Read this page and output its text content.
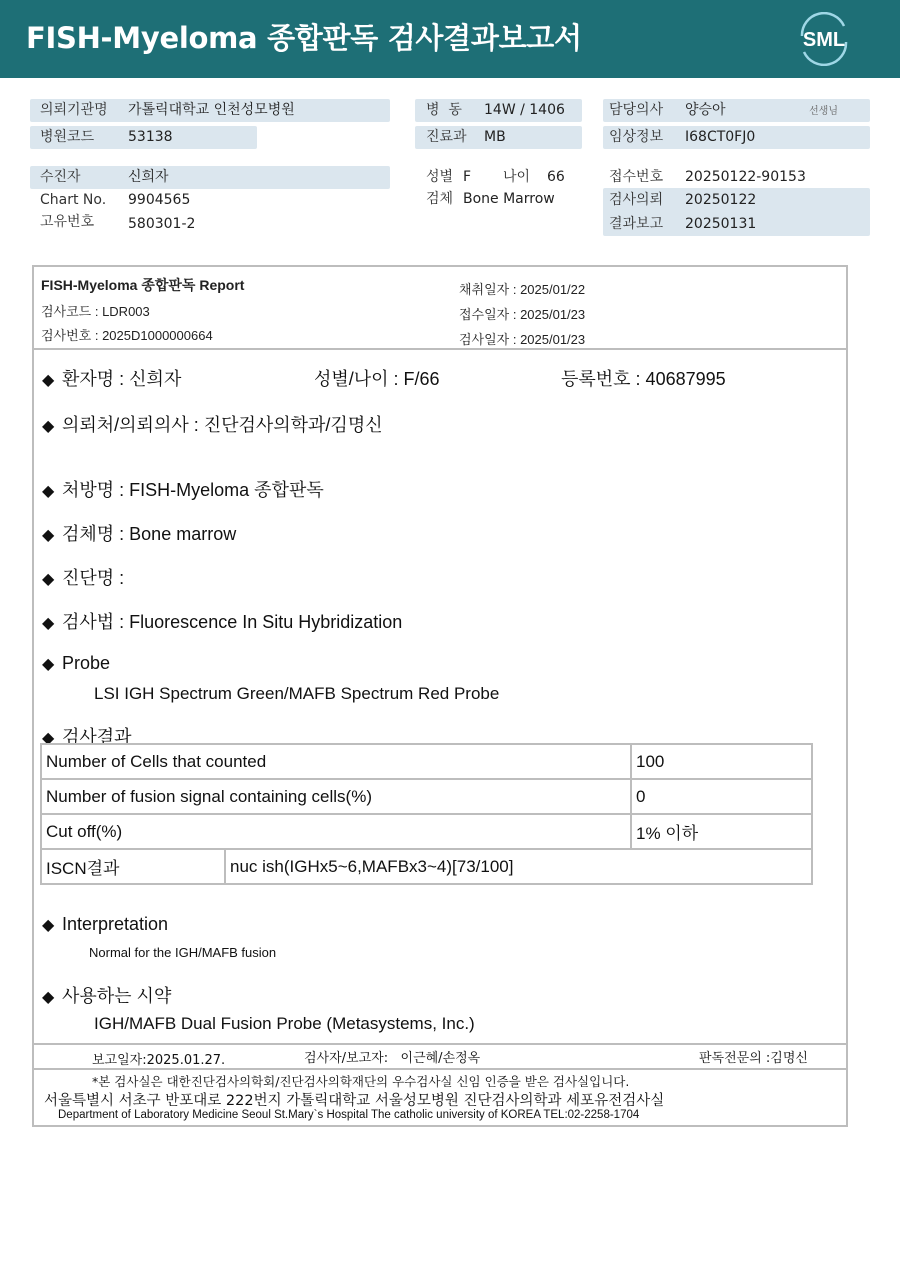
FISH-Myeloma 종합판독 검사결과보고서	SML
의뢰기관명 가톨릭대학교 인천성모병원	병  동 14W / 1406	담당의사 양승아	선생님
병원코드 53138	진료과 MB	임상정보 I68CT0FJ0
수진자	신희자	성별 F 나이 66	접수번호 20250122-90153
Chart No. 9904565	검체 Bone Marrow	검사의뢰 20250122
고유번호 580301-2	결과보고 20250131
FISH-Myeloma 종합판독 Report
검사코드 : LDR003
검사번호 : 2025D1000000664
채취일자 : 2025/01/22
접수일자 : 2025/01/23
검사일자 : 2025/01/23
◆ 환자명 : 신희자	성별/나이 : F/66	등록번호 : 40687995
◆ 의뢰처/의뢰의사 : 진단검사의학과/김명신
◆ 처방명 : FISH-Myeloma 종합판독
◆ 검체명 : Bone marrow
◆ 진단명 :
◆ 검사법 : Fluorescence In Situ Hybridization
◆ Probe
LSI IGH Spectrum Green/MAFB Spectrum Red Probe
◆ 검사결과
Number of Cells that counted		100
Number of fusion signal containing cells(%)		0
Cut off(%)		1% 이하
ISCN결과	nuc ish(IGHx5~6,MAFBx3~4)[73/100]	
◆ Interpretation
Normal for the IGH/MAFB fusion
◆ 사용하는 시약
IGH/MAFB Dual Fusion Probe (Metasystems, Inc.)
보고일자:2025.01.27.	검사자/보고자:   이근혜/손정옥	판독전문의 :김명신
*본 검사실은 대한진단검사의학회/진단검사의학재단의 우수검사실 신임 인증을 받은 검사실입니다.
서울특별시 서초구 반포대로 222번지 가톨릭대학교 서울성모병원 진단검사의학과 세포유전검사실
Department of Laboratory Medicine Seoul St.Mary`s Hospital The catholic university of KOREA TEL:02-2258-1704
